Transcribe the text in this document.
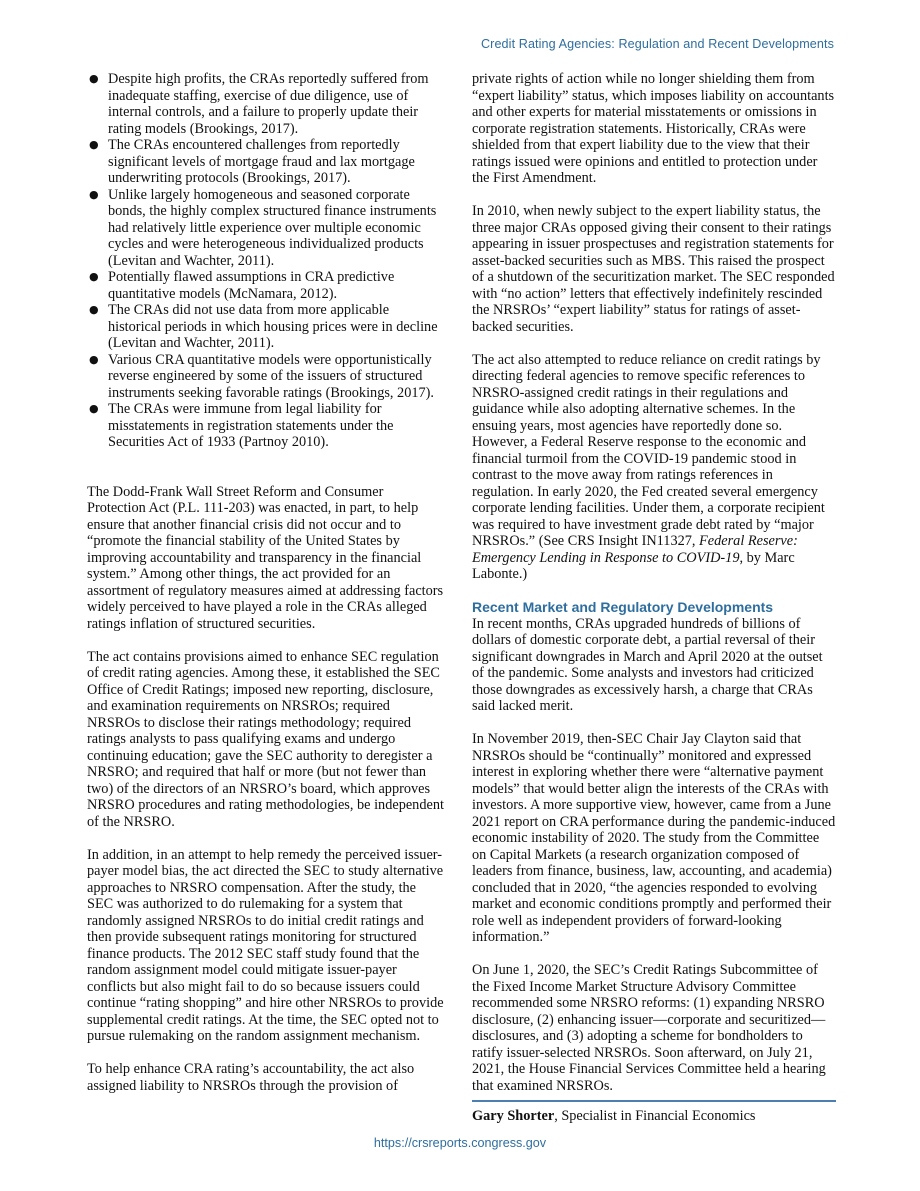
Credit Rating Agencies: Regulation and Recent Developments
● Despite high profits, the CRAs reportedly suffered from inadequate staffing, exercise of due diligence, use of internal controls, and a failure to properly update their rating models (Brookings, 2017).
● The CRAs encountered challenges from reportedly significant levels of mortgage fraud and lax mortgage underwriting protocols (Brookings, 2017).
● Unlike largely homogeneous and seasoned corporate bonds, the highly complex structured finance instruments had relatively little experience over multiple economic cycles and were heterogeneous individualized products (Levitan and Wachter, 2011).
● Potentially flawed assumptions in CRA predictive quantitative models (McNamara, 2012).
● The CRAs did not use data from more applicable historical periods in which housing prices were in decline (Levitan and Wachter, 2011).
● Various CRA quantitative models were opportunistically reverse engineered by some of the issuers of structured instruments seeking favorable ratings (Brookings, 2017).
● The CRAs were immune from legal liability for misstatements in registration statements under the Securities Act of 1933 (Partnoy 2010).

The Dodd-Frank Wall Street Reform and Consumer Protection Act (P.L. 111-203) was enacted, in part, to help ensure that another financial crisis did not occur and to “promote the financial stability of the United States by improving accountability and transparency in the financial system.” Among other things, the act provided for an assortment of regulatory measures aimed at addressing factors widely perceived to have played a role in the CRAs alleged ratings inflation of structured securities.

The act contains provisions aimed to enhance SEC regulation of credit rating agencies. Among these, it established the SEC Office of Credit Ratings; imposed new reporting, disclosure, and examination requirements on NRSROs; required NRSROs to disclose their ratings methodology; required ratings analysts to pass qualifying exams and undergo continuing education; gave the SEC authority to deregister a NRSRO; and required that half or more (but not fewer than two) of the directors of an NRSRO’s board, which approves NRSRO procedures and rating methodologies, be independent of the NRSRO.

In addition, in an attempt to help remedy the perceived issuer-payer model bias, the act directed the SEC to study alternative approaches to NRSRO compensation. After the study, the SEC was authorized to do rulemaking for a system that randomly assigned NRSROs to do initial credit ratings and then provide subsequent ratings monitoring for structured finance products. The 2012 SEC staff study found that the random assignment model could mitigate issuer-payer conflicts but also might fail to do so because issuers could continue “rating shopping” and hire other NRSROs to provide supplemental credit ratings. At the time, the SEC opted not to pursue rulemaking on the random assignment mechanism.

To help enhance CRA rating’s accountability, the act also assigned liability to NRSROs through the provision of

private rights of action while no longer shielding them from “expert liability” status, which imposes liability on accountants and other experts for material misstatements or omissions in corporate registration statements. Historically, CRAs were shielded from that expert liability due to the view that their ratings issued were opinions and entitled to protection under the First Amendment.

In 2010, when newly subject to the expert liability status, the three major CRAs opposed giving their consent to their ratings appearing in issuer prospectuses and registration statements for asset-backed securities such as MBS. This raised the prospect of a shutdown of the securitization market. The SEC responded with “no action” letters that effectively indefinitely rescinded the NRSROs’ “expert liability” status for ratings of asset-backed securities.

The act also attempted to reduce reliance on credit ratings by directing federal agencies to remove specific references to NRSRO-assigned credit ratings in their regulations and guidance while also adopting alternative schemes. In the ensuing years, most agencies have reportedly done so. However, a Federal Reserve response to the economic and financial turmoil from the COVID-19 pandemic stood in contrast to the move away from ratings references in regulation. In early 2020, the Fed created several emergency corporate lending facilities. Under them, a corporate recipient was required to have investment grade debt rated by “major NRSROs.” (See CRS Insight IN11327, Federal Reserve: Emergency Lending in Response to COVID-19, by Marc Labonte.)

Recent Market and Regulatory Developments

In recent months, CRAs upgraded hundreds of billions of dollars of domestic corporate debt, a partial reversal of their significant downgrades in March and April 2020 at the outset of the pandemic. Some analysts and investors had criticized those downgrades as excessively harsh, a charge that CRAs said lacked merit.

In November 2019, then-SEC Chair Jay Clayton said that NRSROs should be “continually” monitored and expressed interest in exploring whether there were “alternative payment models” that would better align the interests of the CRAs with investors. A more supportive view, however, came from a June 2021 report on CRA performance during the pandemic-induced economic instability of 2020. The study from the Committee on Capital Markets (a research organization composed of leaders from finance, business, law, accounting, and academia) concluded that in 2020, “the agencies responded to evolving market and economic conditions promptly and performed their role well as independent providers of forward-looking information.”

On June 1, 2020, the SEC’s Credit Ratings Subcommittee of the Fixed Income Market Structure Advisory Committee recommended some NRSRO reforms: (1) expanding NRSRO disclosure, (2) enhancing issuer—corporate and securitized—disclosures, and (3) adopting a scheme for bondholders to ratify issuer-selected NRSROs. Soon afterward, on July 21, 2021, the House Financial Services Committee held a hearing that examined NRSROs.

Gary Shorter, Specialist in Financial Economics

https://crsreports.congress.gov
